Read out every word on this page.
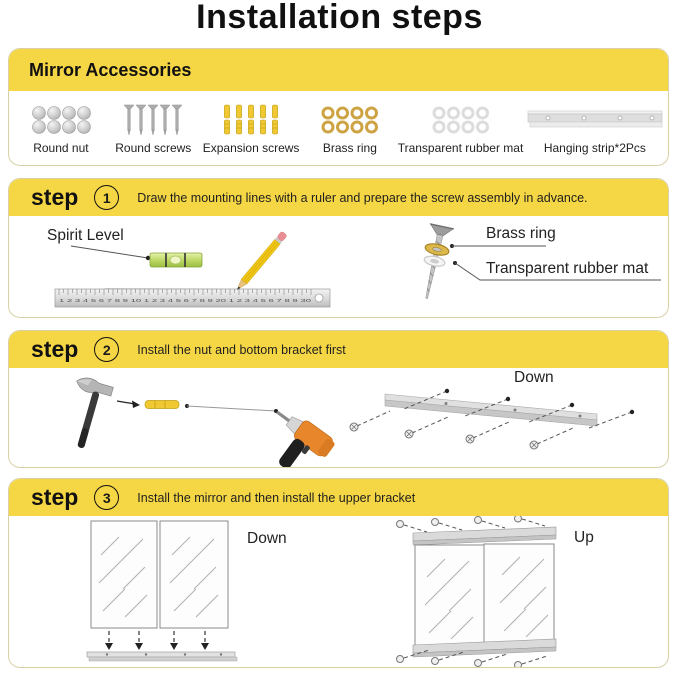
Installation steps
Mirror Accessories
Round nut Round screws Expansion screws Brass ring Transparent rubber mat Hanging strip*2Pcs
step	1	Draw the mounting lines with a ruler and prepare the screw assembly in advance.
1 2 3 4 5 6 7 8 9 10 1 2 3 4 5 6 7 8 9 20 1 2 3 4 5 6 7 8 9 30
Spirit Level	Brass ring
Transparent rubber mat
step	2	Install the nut and bottom bracket first
Down
step	3	Install the mirror and then install the upper bracket
Down	Up
